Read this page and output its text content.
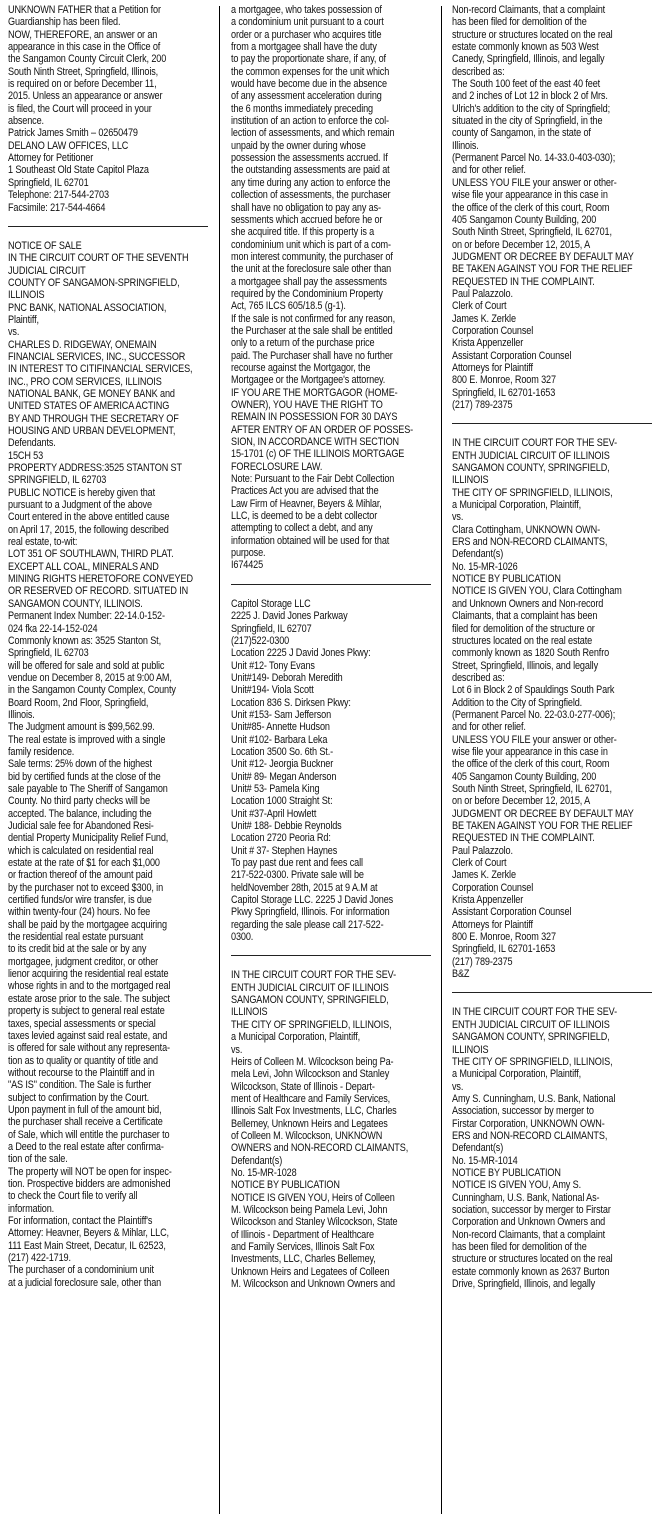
UNKNOWN FATHER that a Petition for
Guardianship has been filed.
NOW, THEREFORE, an answer or an
appearance in this case in the Office of
the Sangamon County Circuit Clerk, 200
South Ninth Street, Springfield, Illinois,
is required on or before December 11,
2015. Unless an appearance or answer
is filed, the Court will proceed in your
absence.
Patrick James Smith – 02650479
DELANO LAW OFFICES, LLC
Attorney for Petitioner
1 Southeast Old State Capitol Plaza
Springfield, IL 62701
Telephone: 217-544-2703
Facsimile: 217-544-4664
NOTICE OF SALE
IN THE CIRCUIT COURT OF THE SEVENTH
JUDICIAL CIRCUIT
COUNTY OF SANGAMON-SPRINGFIELD,
ILLINOIS
PNC BANK, NATIONAL ASSOCIATION,
Plaintiff,
vs.
CHARLES D. RIDGEWAY, ONEMAIN
FINANCIAL SERVICES, INC., SUCCESSOR
IN INTEREST TO CITIFINANCIAL SERVICES,
INC., PRO COM SERVICES, ILLINOIS
NATIONAL BANK, GE MONEY BANK and
UNITED STATES OF AMERICA ACTING
BY AND THROUGH THE SECRETARY OF
HOUSING AND URBAN DEVELOPMENT,
Defendants.
15CH 53
PROPERTY ADDRESS:3525 STANTON ST
SPRINGFIELD, IL 62703
PUBLIC NOTICE is hereby given that
pursuant to a Judgment of the above
Court entered in the above entitled cause
on April 17, 2015, the following described
real estate, to-wit:
LOT 351 OF SOUTHLAWN, THIRD PLAT.
EXCEPT ALL COAL, MINERALS AND
MINING RIGHTS HERETOFORE CONVEYED
OR RESERVED OF RECORD. SITUATED IN
SANGAMON COUNTY, ILLINOIS.
Permanent Index Number: 22-14.0-152-
024 fka 22-14-152-024
Commonly known as: 3525 Stanton St,
Springfield, IL 62703
will be offered for sale and sold at public
vendue on December 8, 2015 at 9:00 AM,
in the Sangamon County Complex, County
Board Room, 2nd Floor, Springfield,
Illinois.
The Judgment amount is $99,562.99.
The real estate is improved with a single
family residence.
Sale terms: 25% down of the highest
bid by certified funds at the close of the
sale payable to The Sheriff of Sangamon
County. No third party checks will be
accepted. The balance, including the
Judicial sale fee for Abandoned Resi-
dential Property Municipality Relief Fund,
which is calculated on residential real
estate at the rate of $1 for each $1,000
or fraction thereof of the amount paid
by the purchaser not to exceed $300, in
certified funds/or wire transfer, is due
within twenty-four (24) hours. No fee
shall be paid by the mortgagee acquiring
the residential real estate pursuant
to its credit bid at the sale or by any
mortgagee, judgment creditor, or other
lienor acquiring the residential real estate
whose rights in and to the mortgaged real
estate arose prior to the sale. The subject
property is subject to general real estate
taxes, special assessments or special
taxes levied against said real estate, and
is offered for sale without any representa-
tion as to quality or quantity of title and
without recourse to the Plaintiff and in
"AS IS" condition. The Sale is further
subject to confirmation by the Court.
Upon payment in full of the amount bid,
the purchaser shall receive a Certificate
of Sale, which will entitle the purchaser to
a Deed to the real estate after confirma-
tion of the sale.
The property will NOT be open for inspec-
tion. Prospective bidders are admonished
to check the Court file to verify all
information.
For information, contact the Plaintiff's
Attorney: Heavner, Beyers & Mihlar, LLC,
111 East Main Street, Decatur, IL 62523,
(217) 422-1719.
The purchaser of a condominium unit
at a judicial foreclosure sale, other than
a mortgagee, who takes possession of
a condominium unit pursuant to a court
order or a purchaser who acquires title
from a mortgagee shall have the duty
to pay the proportionate share, if any, of
the common expenses for the unit which
would have become due in the absence
of any assessment acceleration during
the 6 months immediately preceding
institution of an action to enforce the col-
lection of assessments, and which remain
unpaid by the owner during whose
possession the assessments accrued. If
the outstanding assessments are paid at
any time during any action to enforce the
collection of assessments, the purchaser
shall have no obligation to pay any as-
sessments which accrued before he or
she acquired title. If this property is a
condominium unit which is part of a com-
mon interest community, the purchaser of
the unit at the foreclosure sale other than
a mortgagee shall pay the assessments
required by the Condominium Property
Act, 765 ILCS 605/18.5 (g-1).
If the sale is not confirmed for any reason,
the Purchaser at the sale shall be entitled
only to a return of the purchase price
paid. The Purchaser shall have no further
recourse against the Mortgagor, the
Mortgagee or the Mortgagee's attorney.
IF YOU ARE THE MORTGAGOR (HOME-
OWNER), YOU HAVE THE RIGHT TO
REMAIN IN POSSESSION FOR 30 DAYS
AFTER ENTRY OF AN ORDER OF POSSES-
SION, IN ACCORDANCE WITH SECTION
15-1701 (c) OF THE ILLINOIS MORTGAGE
FORECLOSURE LAW.
Note: Pursuant to the Fair Debt Collection
Practices Act you are advised that the
Law Firm of Heavner, Beyers & Mihlar,
LLC, is deemed to be a debt collector
attempting to collect a debt, and any
information obtained will be used for that
purpose.
I674425
Capitol Storage LLC
2225 J. David Jones Parkway
Springfield, IL 62707
(217)522-0300
Location 2225 J David Jones Pkwy:
Unit #12- Tony Evans
Unit#149- Deborah Meredith
Unit#194- Viola Scott
Location 836 S. Dirksen Pkwy:
Unit #153- Sam Jefferson
Unit#85- Annette Hudson
Unit #102- Barbara Leka
Location 3500 So. 6th St.-
Unit #12- Jeorgia Buckner
Unit# 89- Megan Anderson
Unit# 53- Pamela King
Location 1000 Straight St:
Unit #37-April Howlett
Unit# 188- Debbie Reynolds
Location 2720 Peoria Rd:
Unit # 37- Stephen Haynes
To pay past due rent and fees call
217-522-0300. Private sale will be
heldNovember 28th, 2015 at 9 A.M at
Capitol Storage LLC. 2225 J David Jones
Pkwy Springfield, Illinois. For information
regarding the sale please call 217-522-
0300.
IN THE CIRCUIT COURT FOR THE SEV-
ENTH JUDICIAL CIRCUIT OF ILLINOIS
SANGAMON COUNTY, SPRINGFIELD,
ILLINOIS
THE CITY OF SPRINGFIELD, ILLINOIS,
a Municipal Corporation, Plaintiff,
vs.
Heirs of Colleen M. Wilcockson being Pa-
mela Levi, John Wilcockson and Stanley
Wilcockson, State of Illinois - Depart-
ment of Healthcare and Family Services,
Illinois Salt Fox Investments, LLC, Charles
Bellemey, Unknown Heirs and Legatees
of Colleen M. Wilcockson, UNKNOWN
OWNERS and NON-RECORD CLAIMANTS,
Defendant(s)
No. 15-MR-1028
NOTICE BY PUBLICATION
NOTICE IS GIVEN YOU, Heirs of Colleen
M. Wilcockson being Pamela Levi, John
Wilcockson and Stanley Wilcockson, State
of Illinois - Department of Healthcare
and Family Services, Illinois Salt Fox
Investments, LLC, Charles Bellemey,
Unknown Heirs and Legatees of Colleen
M. Wilcockson and Unknown Owners and
Non-record Claimants, that a complaint
has been filed for demolition of the
structure or structures located on the real
estate commonly known as 503 West
Canedy, Springfield, Illinois, and legally
described as:
The South 100 feet of the east 40 feet
and 2 inches of Lot 12 in block 2 of Mrs.
Ulrich's addition to the city of Springfield;
situated in the city of Springfield, in the
county of Sangamon, in the state of
Illinois.
(Permanent Parcel No. 14-33.0-403-030);
and for other relief.
UNLESS YOU FILE your answer or other-
wise file your appearance in this case in
the office of the clerk of this court, Room
405 Sangamon County Building, 200
South Ninth Street, Springfield, IL 62701,
on or before December 12, 2015, A
JUDGMENT OR DECREE BY DEFAULT MAY
BE TAKEN AGAINST YOU FOR THE RELIEF
REQUESTED IN THE COMPLAINT.
Paul Palazzolo.
Clerk of Court
James K. Zerkle
Corporation Counsel
Krista Appenzeller
Assistant Corporation Counsel
Attorneys for Plaintiff
800 E. Monroe, Room 327
Springfield, IL 62701-1653
(217) 789-2375
IN THE CIRCUIT COURT FOR THE SEV-
ENTH JUDICIAL CIRCUIT OF ILLINOIS
SANGAMON COUNTY, SPRINGFIELD,
ILLINOIS
THE CITY OF SPRINGFIELD, ILLINOIS,
a Municipal Corporation, Plaintiff,
vs.
Clara Cottingham, UNKNOWN OWN-
ERS and NON-RECORD CLAIMANTS,
Defendant(s)
No. 15-MR-1026
NOTICE BY PUBLICATION
NOTICE IS GIVEN YOU, Clara Cottingham
and Unknown Owners and Non-record
Claimants, that a complaint has been
filed for demolition of the structure or
structures located on the real estate
commonly known as 1820 South Renfro
Street, Springfield, Illinois, and legally
described as:
Lot 6 in Block 2 of Spauldings South Park
Addition to the City of Springfield.
(Permanent Parcel No. 22-03.0-277-006);
and for other relief.
UNLESS YOU FILE your answer or other-
wise file your appearance in this case in
the office of the clerk of this court, Room
405 Sangamon County Building, 200
South Ninth Street, Springfield, IL 62701,
on or before December 12, 2015, A
JUDGMENT OR DECREE BY DEFAULT MAY
BE TAKEN AGAINST YOU FOR THE RELIEF
REQUESTED IN THE COMPLAINT.
Paul Palazzolo.
Clerk of Court
James K. Zerkle
Corporation Counsel
Krista Appenzeller
Assistant Corporation Counsel
Attorneys for Plaintiff
800 E. Monroe, Room 327
Springfield, IL 62701-1653
(217) 789-2375
B&Z
IN THE CIRCUIT COURT FOR THE SEV-
ENTH JUDICIAL CIRCUIT OF ILLINOIS
SANGAMON COUNTY, SPRINGFIELD,
ILLINOIS
THE CITY OF SPRINGFIELD, ILLINOIS,
a Municipal Corporation, Plaintiff,
vs.
Amy S. Cunningham, U.S. Bank, National
Association, successor by merger to
Firstar Corporation, UNKNOWN OWN-
ERS and NON-RECORD CLAIMANTS,
Defendant(s)
No. 15-MR-1014
NOTICE BY PUBLICATION
NOTICE IS GIVEN YOU, Amy S.
Cunningham, U.S. Bank, National As-
sociation, successor by merger to Firstar
Corporation and Unknown Owners and
Non-record Claimants, that a complaint
has been filed for demolition of the
structure or structures located on the real
estate commonly known as 2637 Burton
Drive, Springfield, Illinois, and legally
